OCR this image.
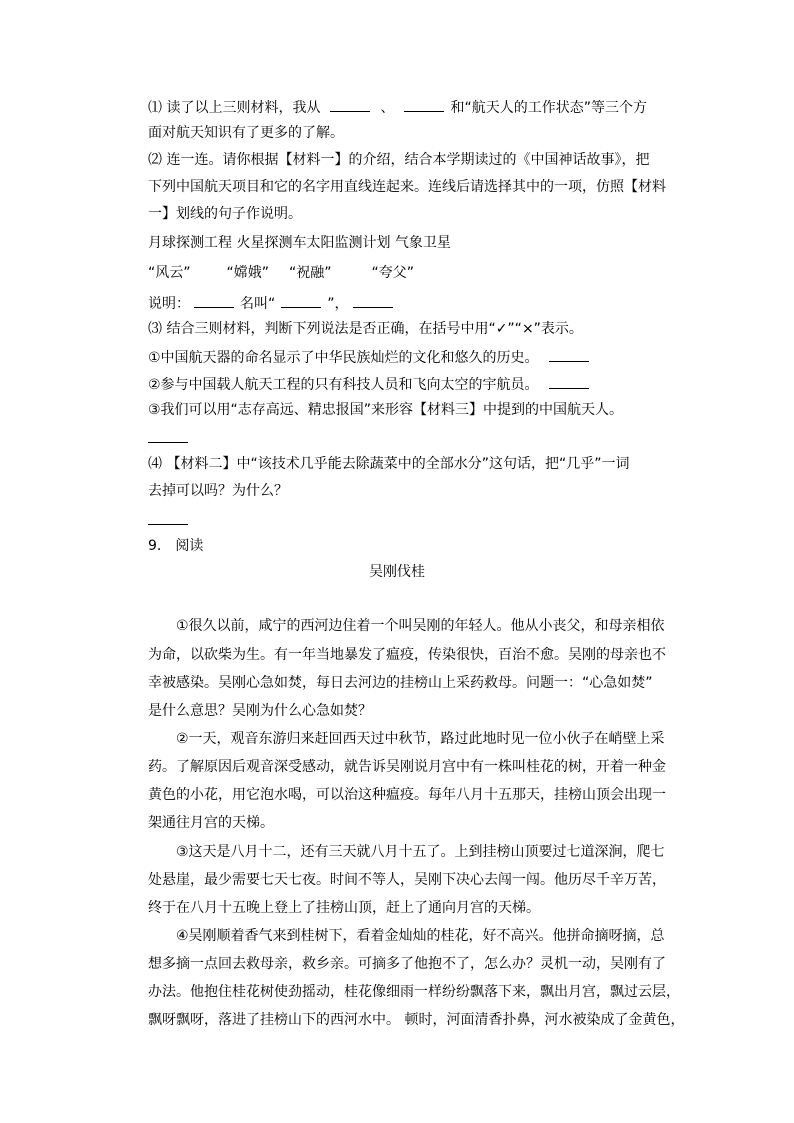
⑴ 读了以上三则材料，我从	、	和“航天人的工作状态”等三个方
面对航天知识有了更多的了解。
⑵ 连一连。请你根据【材料一】的介绍，结合本学期读过的《中国神话故事》，把
下列中国航天项目和它的名字用直线连起来。连线后请选择其中的一项，仿照【材料
一】划线的句子作说明。
月球探测工程 火星探测车太阳监测计划 气象卫星
“风云”	“嫦娥” “祝融”	“夸父”
说明：	名叫“	”，
⑶ 结合三则材料，判断下列说法是否正确，在括号中用“✓”“×”表示。
①中国航天器的命名显示了中华民族灿烂的文化和悠久的历史。
②参与中国载人航天工程的只有科技人员和飞向太空的宇航员。
③我们可以用“志存高远、精忠报国”来形容【材料三】中提到的中国航天人。
⑷ 【材料二】中“该技术几乎能去除蔬菜中的全部水分”这句话，把“几乎”一词
去掉可以吗？为什么？
9.　阅读
吴刚伐桂
①很久以前，咸宁的西河边住着一个叫吴刚的年轻人。他从小丧父，和母亲相依
为命，以砍柴为生。有一年当地暴发了瘟疫，传染很快，百治不愈。吴刚的母亲也不
幸被感染。吴刚心急如焚，每日去河边的挂榜山上采药救母。问题一：“心急如焚”
是什么意思？吴刚为什么心急如焚？
②一天，观音东游归来赶回西天过中秋节，路过此地时见一位小伙子在峭壁上采
药。了解原因后观音深受感动，就告诉吴刚说月宫中有一株叫桂花的树，开着一种金
黄色的小花，用它泡水喝，可以治这种瘟疫。每年八月十五那天，挂榜山顶会出现一
架通往月宫的天梯。
③这天是八月十二，还有三天就八月十五了。上到挂榜山顶要过七道深涧，爬七
处悬崖，最少需要七天七夜。时间不等人，吴刚下决心去闯一闯。他历尽千辛万苦，
终于在八月十五晚上登上了挂榜山顶，赶上了通向月宫的天梯。
④吴刚顺着香气来到桂树下，看着金灿灿的桂花，好不高兴。他拼命摘呀摘，总
想多摘一点回去救母亲，救乡亲。可摘多了他抱不了，怎么办？灵机一动，吴刚有了
办法。他抱住桂花树使劲摇动，桂花像细雨一样纷纷飘落下来，飘出月宫，飘过云层，
飘呀飘呀，落进了挂榜山下的西河水中。 顿时，河面清香扑鼻，河水被染成了金黄色，
